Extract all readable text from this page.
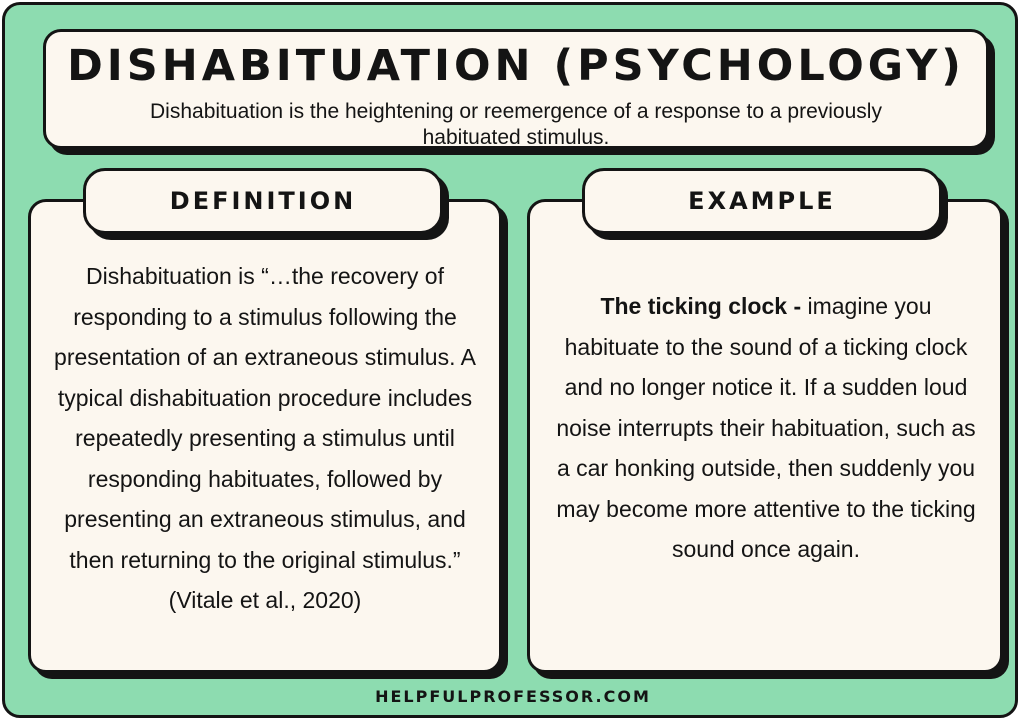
DISHABITUATION (PSYCHOLOGY)
Dishabituation is the heightening or reemergence of a response to a previously habituated stimulus.
Dishabituation is “…the recovery of responding to a stimulus following the presentation of an extraneous stimulus. A typical dishabituation procedure includes repeatedly presenting a stimulus until responding habituates, followed by presenting an extraneous stimulus, and then returning to the original stimulus.”
(Vitale et al., 2020)
The ticking clock - imagine you habituate to the sound of a ticking clock and no longer notice it. If a sudden loud noise interrupts their habituation, such as a car honking outside, then suddenly you may become more attentive to the ticking sound once again.
DEFINITION	EXAMPLE
HELPFULPROFESSOR.COM
